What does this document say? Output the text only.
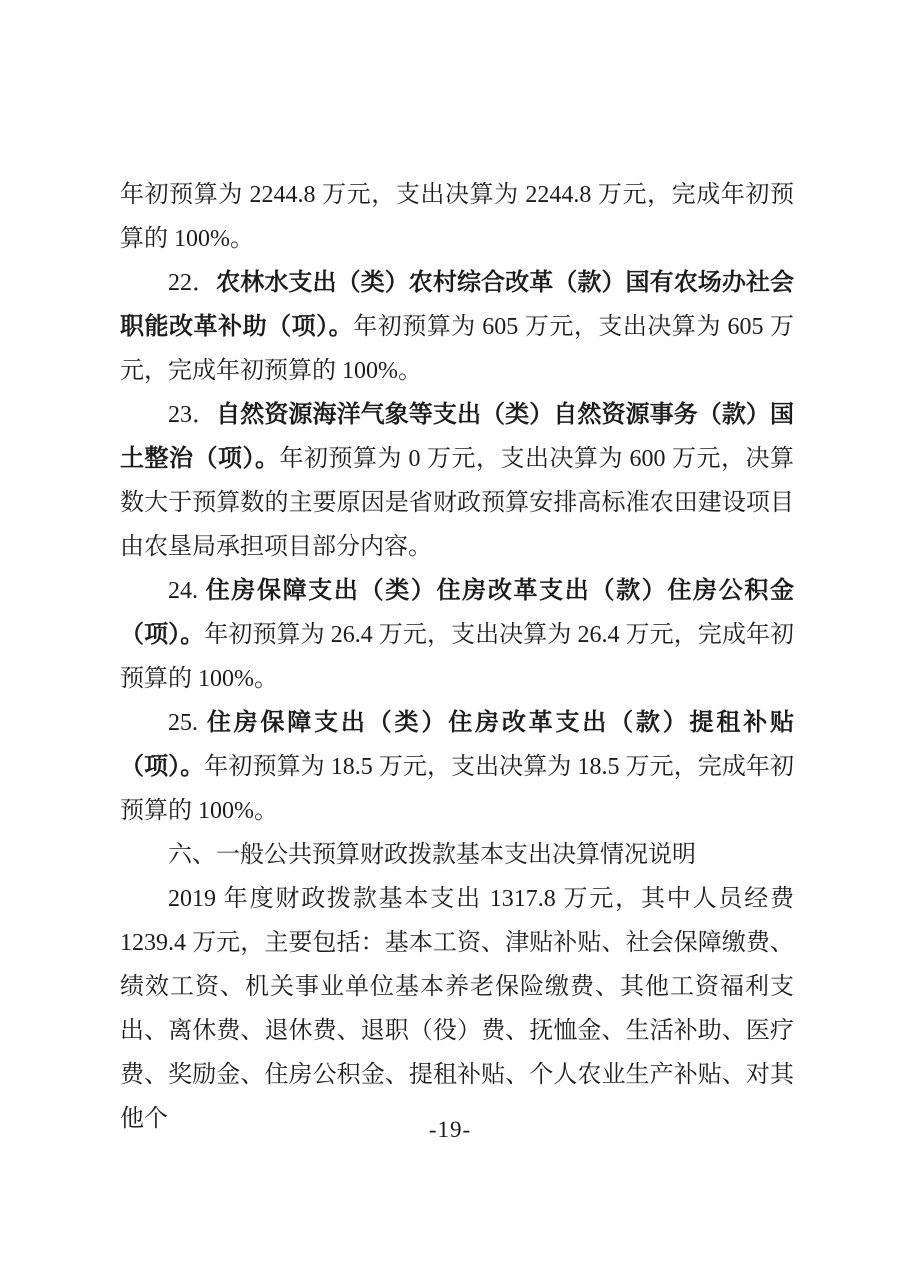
年初预算为 2244.8 万元，支出决算为 2244.8 万元，完成年初预算的 100%。

22．农林水支出（类）农村综合改革（款）国有农场办社会职能改革补助（项）。年初预算为 605 万元，支出决算为 605 万元，完成年初预算的 100%。

23．自然资源海洋气象等支出（类）自然资源事务（款）国土整治（项）。年初预算为 0 万元，支出决算为 600 万元，决算数大于预算数的主要原因是省财政预算安排高标准农田建设项目由农垦局承担项目部分内容。

24. 住房保障支出（类）住房改革支出（款）住房公积金（项）。年初预算为 26.4 万元，支出决算为 26.4 万元，完成年初预算的 100%。

25. 住房保障支出（类）住房改革支出（款）提租补贴（项）。年初预算为 18.5 万元，支出决算为 18.5 万元，完成年初预算的 100%。

六、一般公共预算财政拨款基本支出决算情况说明

2019 年度财政拨款基本支出 1317.8 万元，其中人员经费 1239.4 万元，主要包括：基本工资、津贴补贴、社会保障缴费、绩效工资、机关事业单位基本养老保险缴费、其他工资福利支出、离休费、退休费、退职（役）费、抚恤金、生活补助、医疗费、奖励金、住房公积金、提租补贴、个人农业生产补贴、对其他个	-19-
